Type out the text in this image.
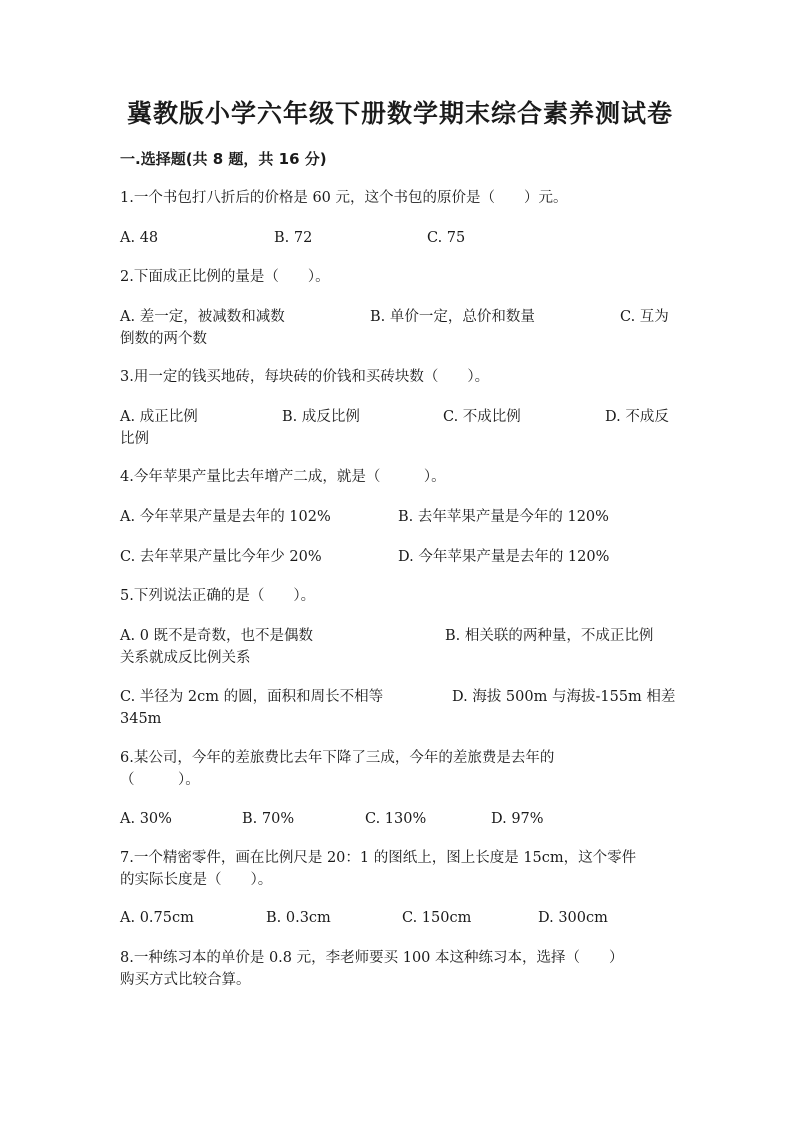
冀教版小学六年级下册数学期末综合素养测试卷
一.选择题(共 8 题，共 16 分)
1.一个书包打八折后的价格是 60 元，这个书包的原价是（　　）元。
A. 48	B. 72	C. 75
2.下面成正比例的量是（　　）。
A. 差一定，被减数和减数	B. 单价一定，总价和数量	C. 互为
倒数的两个数
3.用一定的钱买地砖，每块砖的价钱和买砖块数（　　）。
A. 成正比例	B. 成反比例	C. 不成比例	D. 不成反
比例
4.今年苹果产量比去年增产二成，就是（　　　）。
A. 今年苹果产量是去年的 102%	B. 去年苹果产量是今年的 120%
C. 去年苹果产量比今年少 20%	D. 今年苹果产量是去年的 120%
5.下列说法正确的是（　　）。
A. 0 既不是奇数，也不是偶数	B. 相关联的两种量，不成正比例
关系就成反比例关系
C. 半径为 2cm 的圆，面积和周长不相等	D. 海拔 500m 与海拔-155m 相差
345m
6.某公司，今年的差旅费比去年下降了三成，今年的差旅费是去年的
（　　　）。
A. 30%	B. 70%	C. 130%	D. 97%
7.一个精密零件，画在比例尺是 20：1 的图纸上，图上长度是 15cm，这个零件
的实际长度是（　　）。
A. 0.75cm	B. 0.3cm	C. 150cm	D. 300cm
8.一种练习本的单价是 0.8 元，李老师要买 100 本这种练习本，选择（　　）
购买方式比较合算。
